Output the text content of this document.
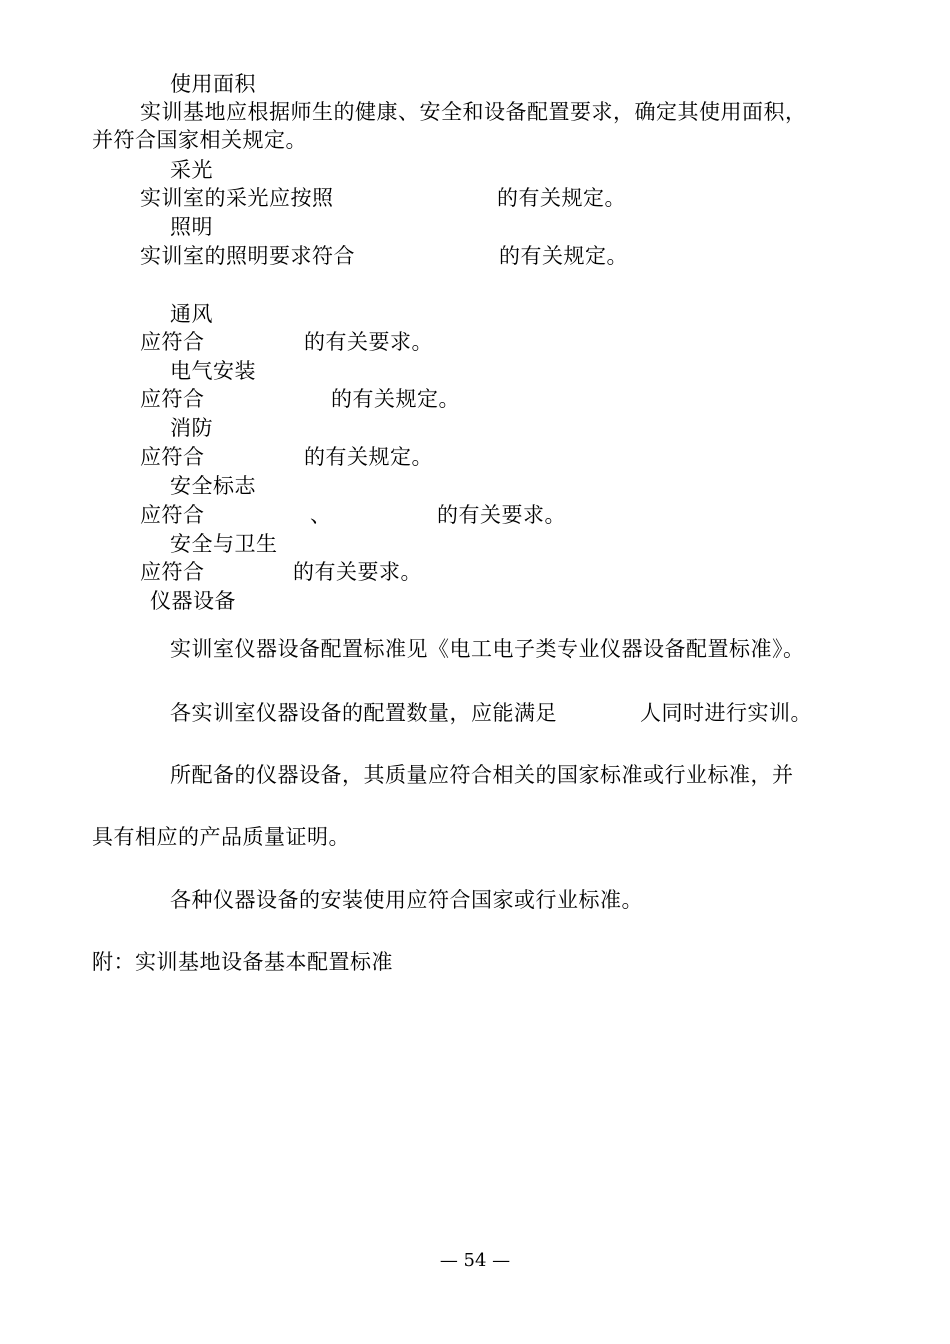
使用面积
实训基地应根据师生的健康、安全和设备配置要求，确定其使用面积，
并符合国家相关规定。
采光
实训室的采光应按照	的有关规定。
照明
实训室的照明要求符合	的有关规定。
通风
应符合	的有关要求。
电气安装
应符合	的有关规定。
消防
应符合	的有关规定。
安全标志
应符合	、	的有关要求。
安全与卫生
应符合	的有关要求。
仪器设备
实训室仪器设备配置标准见《电工电子类专业仪器设备配置标准》。
各实训室仪器设备的配置数量，应能满足	人同时进行实训。
所配备的仪器设备，其质量应符合相关的国家标准或行业标准，并
具有相应的产品质量证明。
各种仪器设备的安装使用应符合国家或行业标准。
附：实训基地设备基本配置标准
— 54 —
